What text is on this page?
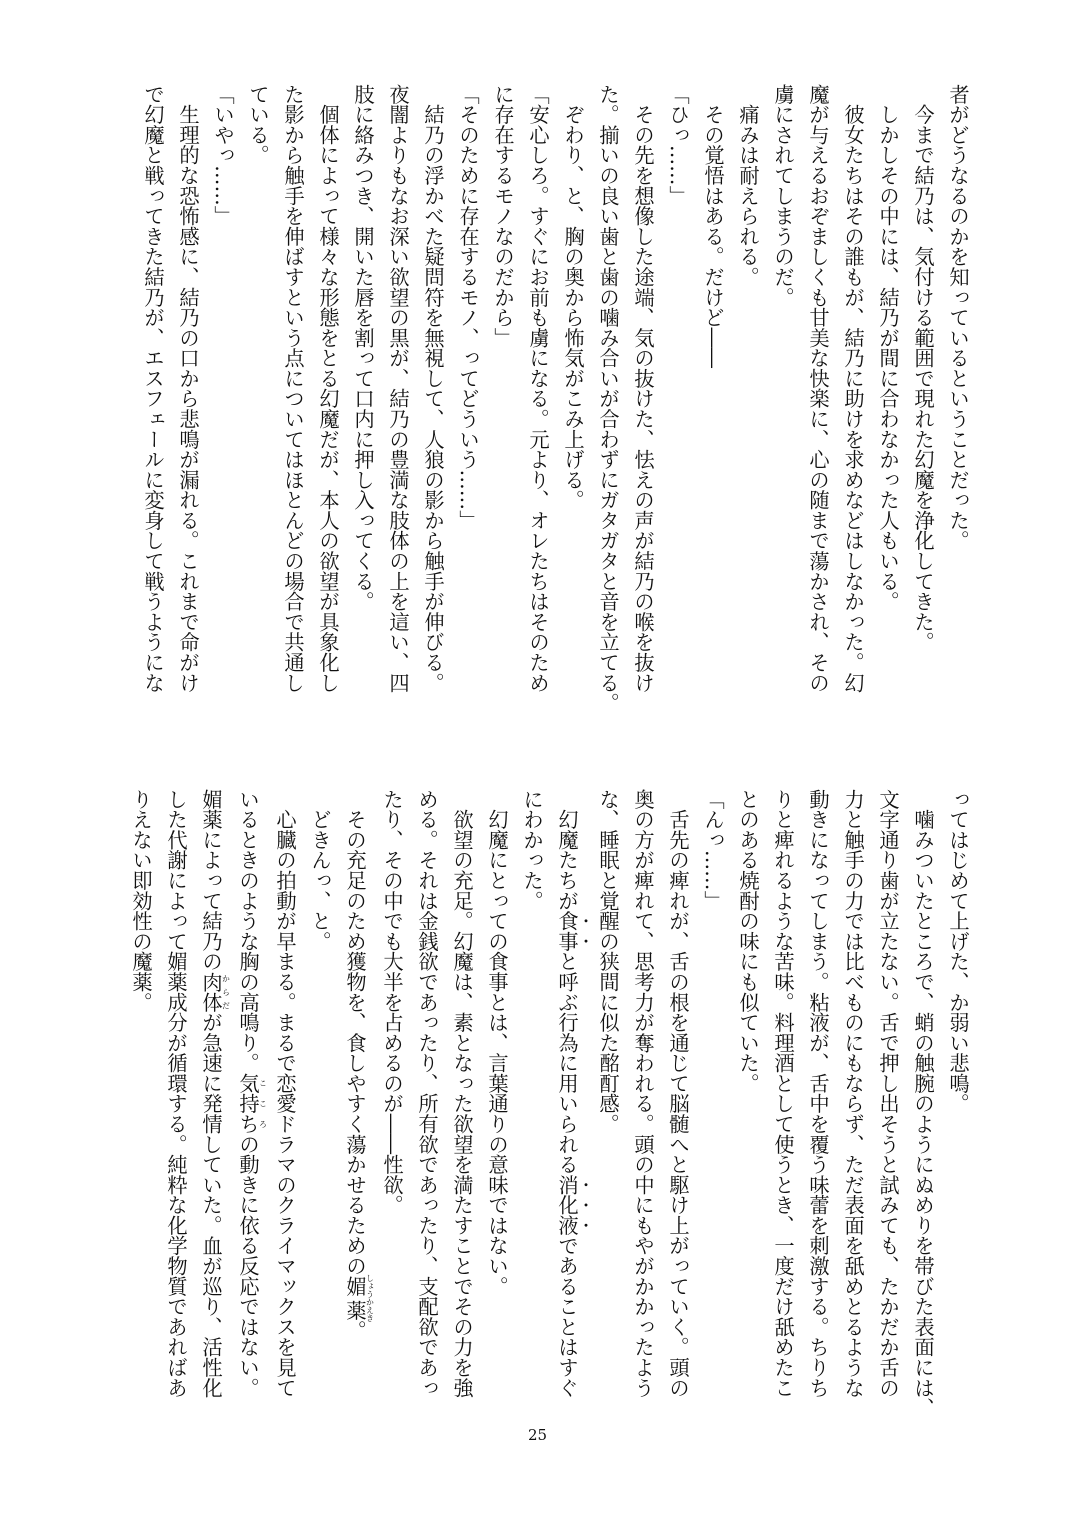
者がどうなるのかを知っているということだった。
　今まで結乃は、気付ける範囲で現れた幻魔を浄化してきた。
　しかしその中には、結乃が間に合わなかった人もいる。
　彼女たちはその誰もが、結乃に助けを求めなどはしなかった。幻
魔が与えるおぞましくも甘美な快楽に、心の随まで蕩かされ、その
虜にされてしまうのだ。
　痛みは耐えられる。
　その覚悟はある。だけど――
「ひっ……」
　その先を想像した途端、気の抜けた、怯えの声が結乃の喉を抜け
た。揃いの良い歯と歯の噛み合いが合わずにガタガタと音を立てる。
　ぞわり、と、胸の奥から怖気がこみ上げる。
「安心しろ。すぐにお前も虜になる。元より、オレたちはそのため
に存在するモノなのだから」
「そのために存在するモノ、ってどういう……」
　結乃の浮かべた疑問符を無視して、人狼の影から触手が伸びる。
夜闇よりもなお深い欲望の黒が、結乃の豊満な肢体の上を這い、四
肢に絡みつき、開いた唇を割って口内に押し入ってくる。
　個体によって様々な形態をとる幻魔だが、本人の欲望が具象化し
た影から触手を伸ばすという点についてはほとんどの場合で共通し
ている。
「いやっ……」
　生理的な恐怖感に、結乃の口から悲鳴が漏れる。これまで命がけ
で幻魔と戦ってきた結乃が、エスフェールに変身して戦うようにな
ってはじめて上げた、か弱い悲鳴。
　噛みついたところで、蛸の触腕のようにぬめりを帯びた表面には、
文字通り歯が立たない。舌で押し出そうと試みても、たかだか舌の
力と触手の力では比べものにもならず、ただ表面を舐めとるような
動きになってしまう。粘液が、舌中を覆う味蕾を刺激する。ちりち
りと痺れるような苦味。料理酒として使うとき、一度だけ舐めたこ
とのある焼酎の味にも似ていた。
「んっ……」
　舌先の痺れが、舌の根を通じて脳髄へと駆け上がっていく。頭の
奥の方が痺れて、思考力が奪われる。頭の中にもやがかかったよう
な、睡眠と覚醒の狭間に似た酩酊感。
　幻魔たちが食事と呼ぶ行為に用いられる消化液であることはすぐ
にわかった。
　幻魔にとっての食事とは、言葉通りの意味ではない。
　欲望の充足。幻魔は、素となった欲望を満たすことでその力を強
める。それは金銭欲であったり、所有欲であったり、支配欲であっ
たり、その中でも大半を占めるのが――性欲。
　その充足のため獲物を、食しやすく蕩かせるための媚薬しょうかえき。
　どきんっ、と。
　心臓の拍動が早まる。まるで恋愛ドラマのクライマックスを見て
いるときのような胸の高鳴り。気持ちこころの動きに依る反応ではない。
媚薬によって結乃の肉体からだが急速に発情していた。血が巡り、活性化
した代謝によって媚薬成分が循環する。純粋な化学物質であればあ
りえない即効性の魔薬。
25
